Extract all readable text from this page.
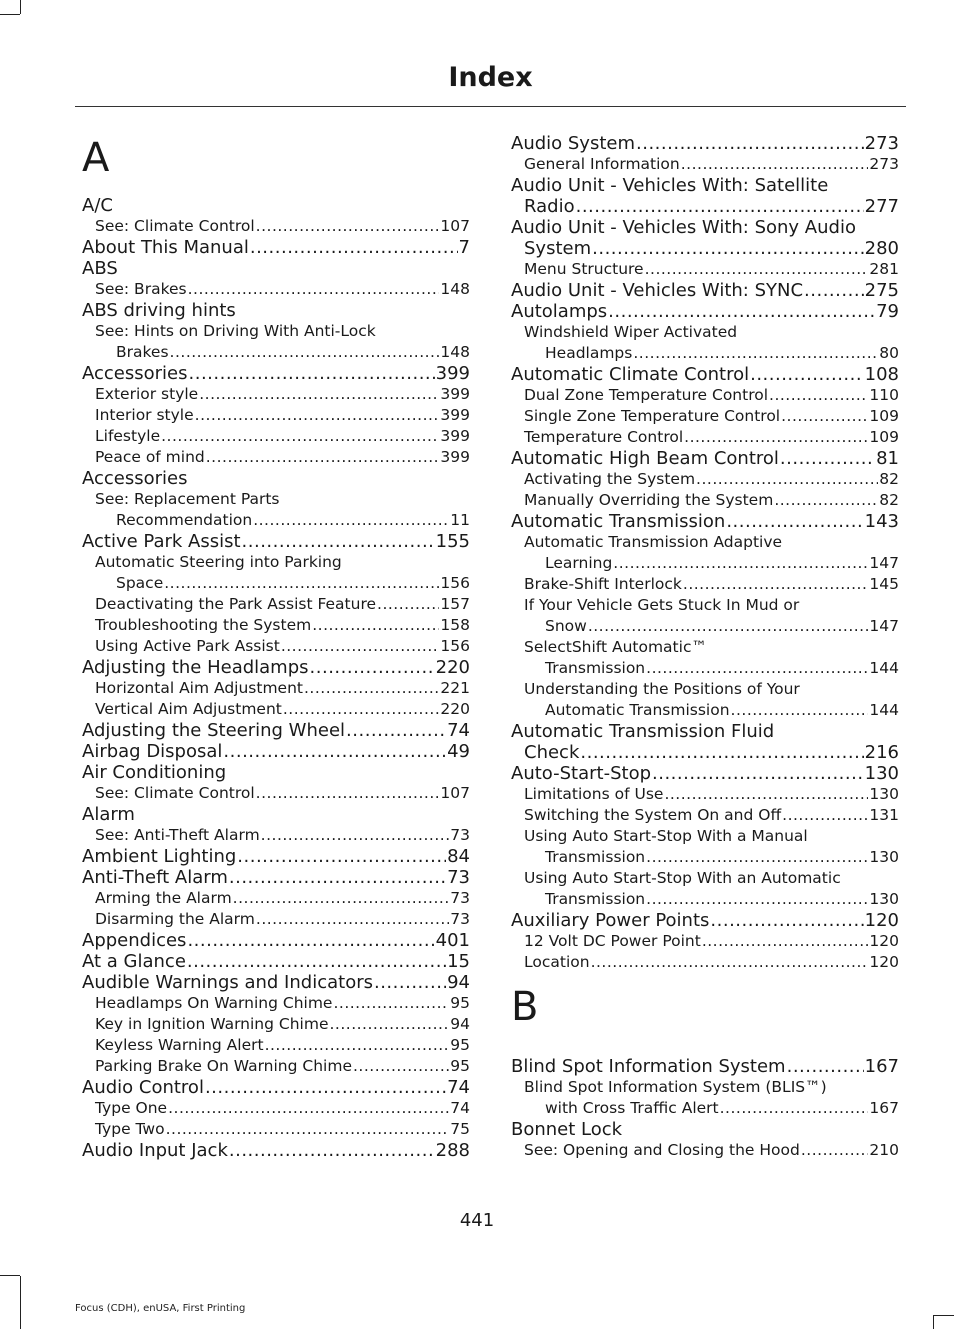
Index
A
A/C
See: Climate Control .....	107
About This Manual .....	7
ABS
See: Brakes .....	148
ABS driving hints
See: Hints on Driving With Anti-Lock
Brakes .....	148
Accessories .....	399
Exterior style .....	399
Interior style .....	399
Lifestyle .....	399
Peace of mind .....	399
Accessories
See: Replacement Parts
Recommendation .....	11
Active Park Assist .....	155
Automatic Steering into Parking
Space .....	156
Deactivating the Park Assist Feature .....	157
Troubleshooting the System .....	158
Using Active Park Assist .....	156
Adjusting the Headlamps .....	220
Horizontal Aim Adjustment .....	221
Vertical Aim Adjustment .....	220
Adjusting the Steering Wheel .....	74
Airbag Disposal .....	49
Air Conditioning
See: Climate Control .....	107
Alarm
See: Anti-Theft Alarm .....	73
Ambient Lighting .....	84
Anti-Theft Alarm .....	73
Arming the Alarm .....	73
Disarming the Alarm .....	73
Appendices .....	401
At a Glance .....	15
Audible Warnings and Indicators .....	94
Headlamps On Warning Chime .....	95
Key in Ignition Warning Chime .....	94
Keyless Warning Alert .....	95
Parking Brake On Warning Chime .....	95
Audio Control .....	74
Type One .....	74
Type Two .....	75
Audio Input Jack .....	288
Audio System .....	273
General Information .....	273
Audio Unit - Vehicles With: Satellite
Radio .....	277
Audio Unit - Vehicles With: Sony Audio
System .....	280
Menu Structure .....	281
Audio Unit - Vehicles With: SYNC .....	275
Autolamps .....	79
Windshield Wiper Activated
Headlamps .....	80
Automatic Climate Control .....	108
Dual Zone Temperature Control .....	110
Single Zone Temperature Control .....	109
Temperature Control .....	109
Automatic High Beam Control .....	81
Activating the System .....	82
Manually Overriding the System .....	82
Automatic Transmission .....	143
Automatic Transmission Adaptive
Learning .....	147
Brake-Shift Interlock .....	145
If Your Vehicle Gets Stuck In Mud or
Snow .....	147
SelectShift Automatic™
Transmission .....	144
Understanding the Positions of Your
Automatic Transmission .....	144
Automatic Transmission Fluid
Check .....	216
Auto-Start-Stop .....	130
Limitations of Use .....	130
Switching the System On and Off .....	131
Using Auto Start-Stop With a Manual
Transmission .....	130
Using Auto Start-Stop With an Automatic
Transmission .....	130
Auxiliary Power Points .....	120
12 Volt DC Power Point .....	120
Location .....	120
B
Blind Spot Information System .....	167
Blind Spot Information System (BLIS™)
with Cross Traffic Alert .....	167
Bonnet Lock
See: Opening and Closing the Hood .....	210
441
Focus (CDH), enUSA, First Printing
